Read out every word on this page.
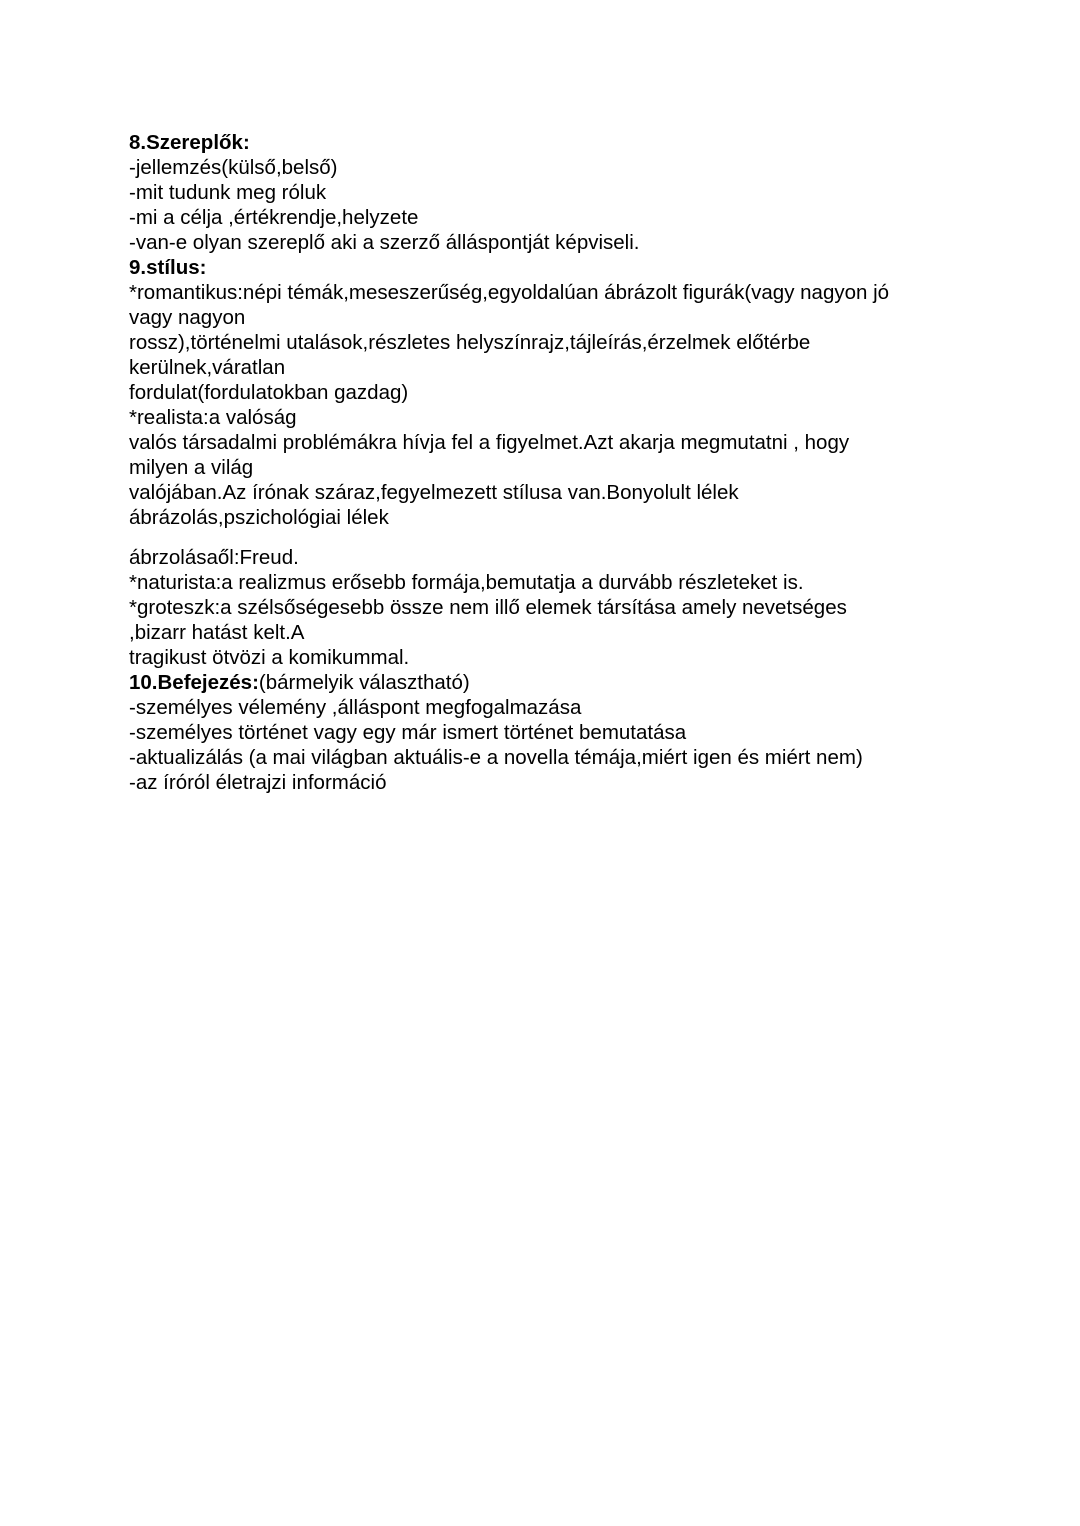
8.Szereplők:
-jellemzés(külső,belső)
-mit tudunk meg róluk
-mi a célja ,értékrendje,helyzete
-van-e olyan szereplő aki a szerző álláspontját képviseli.
9.stílus:
*romantikus:népi témák,meseszerűség,egyoldalúan ábrázolt figurák(vagy nagyon jó
vagy nagyon
rossz),történelmi utalások,részletes helyszínrajz,tájleírás,érzelmek előtérbe
kerülnek,váratlan
fordulat(fordulatokban gazdag)
*realista:a valóság
valós társadalmi problémákra hívja fel a figyelmet.Azt akarja megmutatni , hogy
milyen a világ
valójában.Az írónak száraz,fegyelmezett stílusa van.Bonyolult lélek
ábrázolás,pszichológiai lélek
ábrzolásaől:Freud.
*naturista:a realizmus erősebb formája,bemutatja a durvább részleteket is.
*groteszk:a szélsőségesebb össze nem illő elemek társítása amely nevetséges
,bizarr hatást kelt.A
tragikust ötvözi a komikummal.
10.Befejezés:(bármelyik választható)
-személyes vélemény ,álláspont megfogalmazása
-személyes történet vagy egy már ismert történet bemutatása
-aktualizálás (a mai világban aktuális-e a novella témája,miért igen és miért nem)
-az íróról életrajzi információ
